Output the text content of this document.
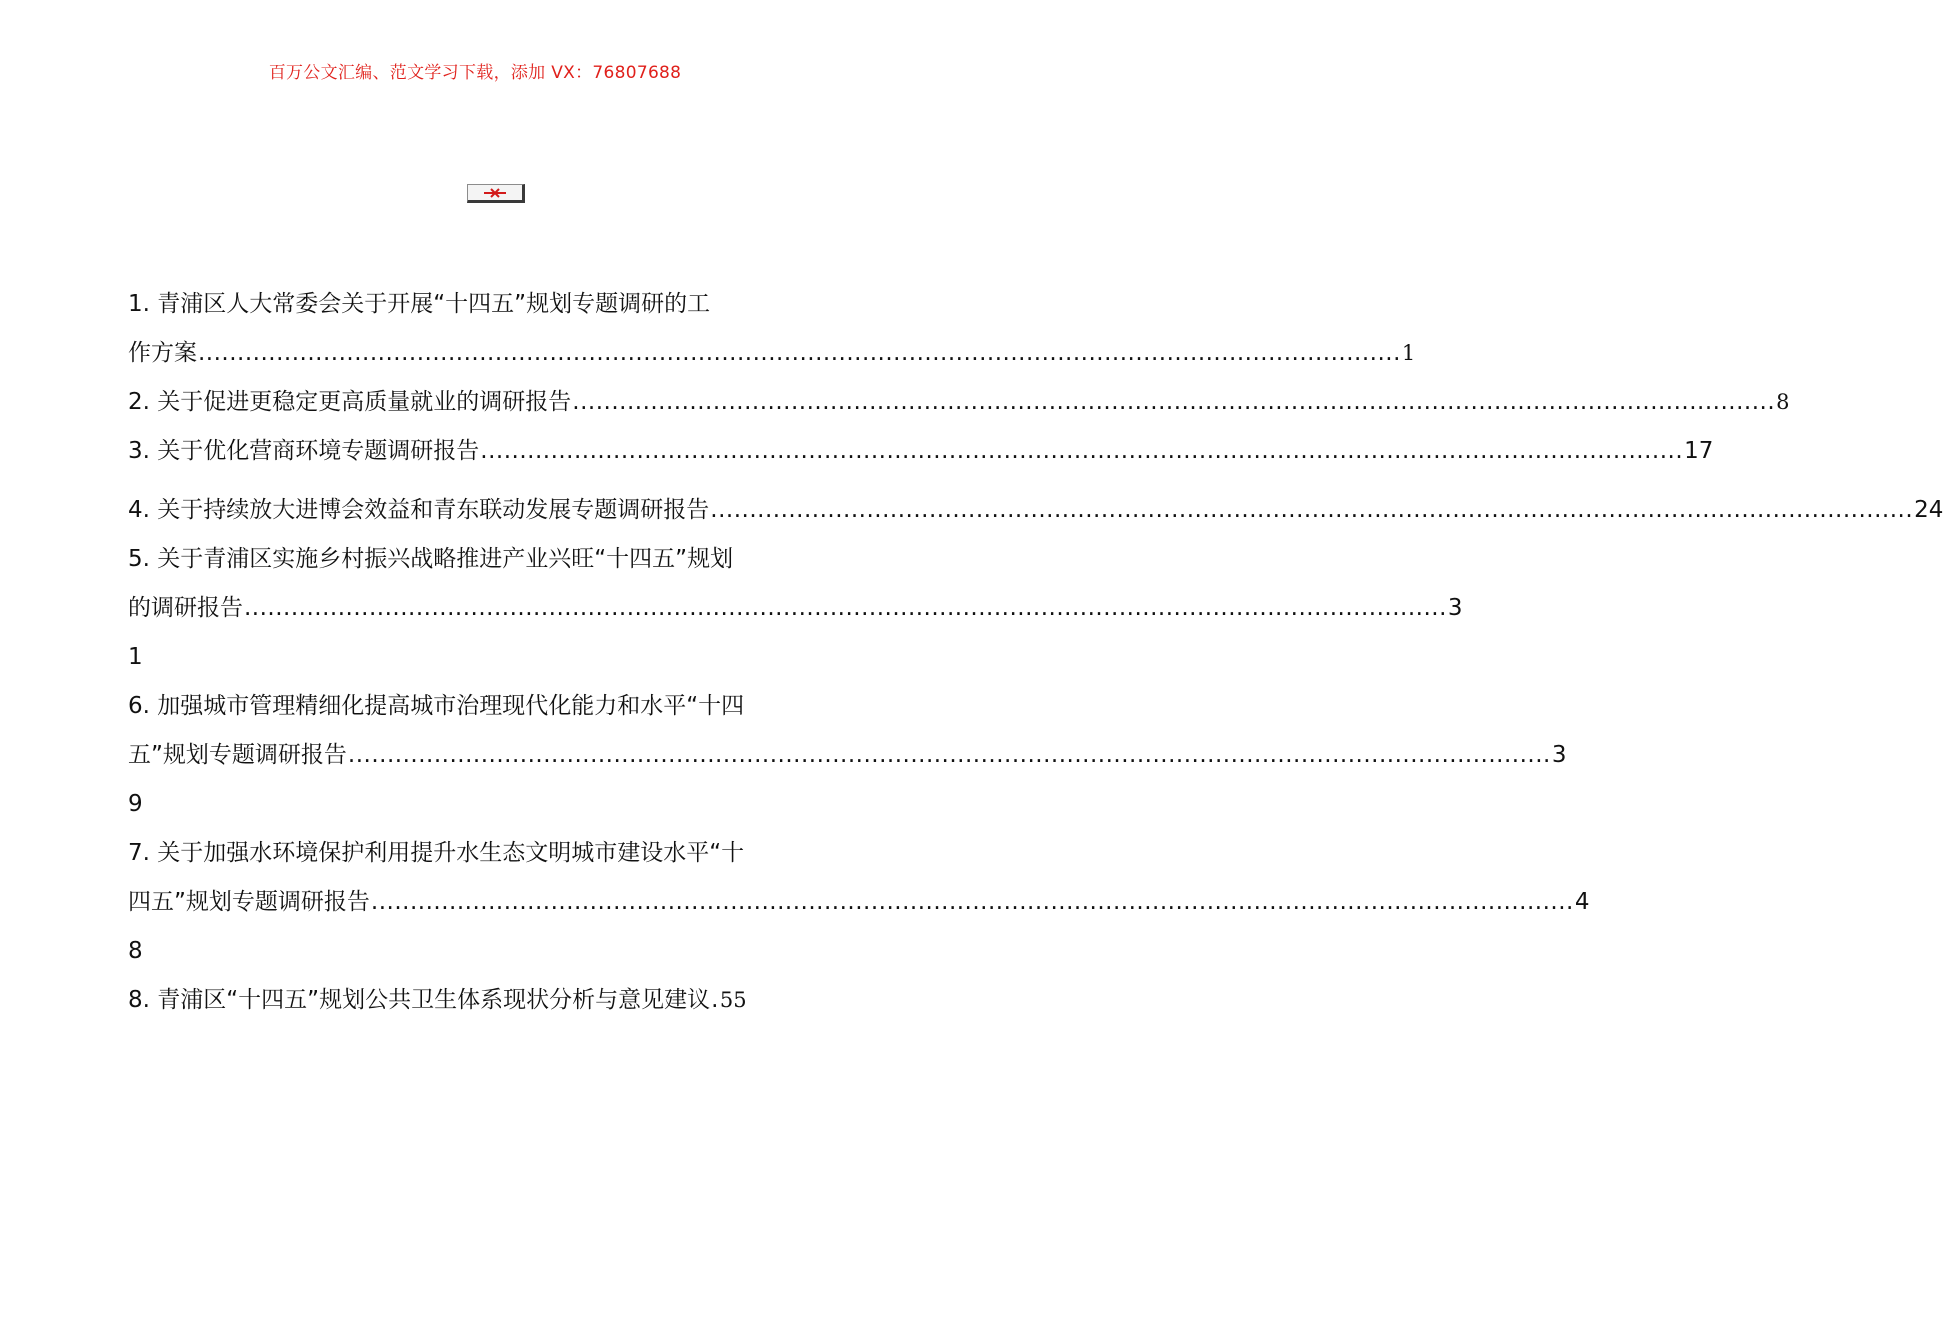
百万公文汇编、范文学习下载，添加 VX：76807688
1. 青浦区人大常委会关于开展“十四五”规划专题调研的工
作方案 .......................................................................................................................................................... 1
2. 关于促进更稳定更高质量就业的调研报告 .......................................................................................................................................................... 8
3. 关于优化营商环境专题调研报告 .......................................................................................................................................................... 17
4. 关于持续放大进博会效益和青东联动发展专题调研报告 .......................................................................................................................................................... 24
5. 关于青浦区实施乡村振兴战略推进产业兴旺“十四五”规划
的调研报告 .......................................................................................................................................................... 3
1
6. 加强城市管理精细化提高城市治理现代化能力和水平“十四
五”规划专题调研报告 .......................................................................................................................................................... 3
9
7. 关于加强水环境保护利用提升水生态文明城市建设水平“十
四五”规划专题调研报告 .......................................................................................................................................................... 4
8
8. 青浦区“十四五”规划公共卫生体系现状分析与意见建议 . 55
